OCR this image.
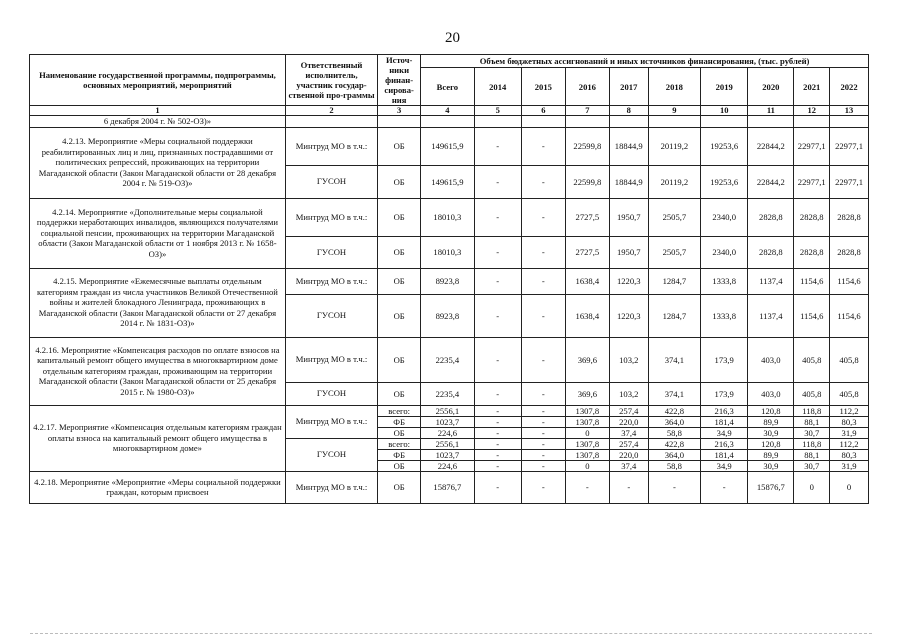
20
Наименование государственной программы, подпрограммы, основных мероприятий, мероприятий	Ответственный исполнитель, участник государ-ственной про-граммы	Источ-ники финан-сирова-ния	Объем бюджетных ассигнований и иных источников финансирования, (тыс. рублей)									
			Всего	2014	2015	2016	2017	2018	2019	2020	2021	2022
1	2	3	4	5	6	7	8	9	10	11	12	13
6 декабря 2004 г. № 502-ОЗ)»												
4.2.13. Мероприятие «Меры социальной поддержки реабилитированных лиц и лиц, признанных пострадавшими от политических репрессий, проживающих на территории Магаданской области (Закон Магаданской области от 28 декабря 2004 г. № 519-ОЗ)»	Минтруд МО в т.ч.:	ОБ	149615,9	-	-	22599,8	18844,9	20119,2	19253,6	22844,2	22977,1	22977,1
	ГУСОН	ОБ	149615,9	-	-	22599,8	18844,9	20119,2	19253,6	22844,2	22977,1	22977,1
4.2.14. Мероприятие «Дополнительные меры социальной поддержки неработающих инвалидов, являющихся получателями социальной пенсии, проживающих на территории Магаданской области (Закон Магаданской области от 1 ноября 2013 г. № 1658-ОЗ)»	Минтруд МО в т.ч.:	ОБ	18010,3	-	-	2727,5	1950,7	2505,7	2340,0	2828,8	2828,8	2828,8
	ГУСОН	ОБ	18010,3	-	-	2727,5	1950,7	2505,7	2340,0	2828,8	2828,8	2828,8
4.2.15. Мероприятие «Ежемесячные выплаты отдельным категориям граждан из числа участников Великой Отечественной войны и жителей блокадного Ленинграда, проживающих в Магаданской области (Закон Магаданской области от 27 декабря 2014 г. № 1831-ОЗ)»	Минтруд МО в т.ч.:	ОБ	8923,8	-	-	1638,4	1220,3	1284,7	1333,8	1137,4	1154,6	1154,6
	ГУСОН	ОБ	8923,8	-	-	1638,4	1220,3	1284,7	1333,8	1137,4	1154,6	1154,6
4.2.16. Мероприятие «Компенсация расходов по оплате взносов на капитальный ремонт общего имущества в многоквартирном доме отдельным категориям граждан, проживающим на территории Магаданской области (Закон Магаданской области от 25 декабря 2015 г. № 1980-ОЗ)»	Минтруд МО в т.ч.:	ОБ	2235,4	-	-	369,6	103,2	374,1	173,9	403,0	405,8	405,8
	ГУСОН	ОБ	2235,4	-	-	369,6	103,2	374,1	173,9	403,0	405,8	405,8
4.2.17. Мероприятие «Компенсация отдельным категориям граждан оплаты взноса на капитальный ремонт общего имущества в многоквартирном доме»	Минтруд МО в т.ч.:	всего:	2556,1	-	-	1307,8	257,4	422,8	216,3	120,8	118,8	112,2
		ФБ	1023,7	-	-	1307,8	220,0	364,0	181,4	89,9	88,1	80,3
		ОБ	224,6	-	-	0	37,4	58,8	34,9	30,9	30,7	31,9
	ГУСОН	всего:	2556,1	-	-	1307,8	257,4	422,8	216,3	120,8	118,8	112,2
		ФБ	1023,7	-	-	1307,8	220,0	364,0	181,4	89,9	88,1	80,3
		ОБ	224,6	-	-	0	37,4	58,8	34,9	30,9	30,7	31,9
4.2.18. Мероприятие «Мероприятие «Меры социальной поддержки граждан, которым присвоен	Минтруд МО в т.ч.:	ОБ	15876,7	-	-	-	-	-	-	15876,7	0	0
